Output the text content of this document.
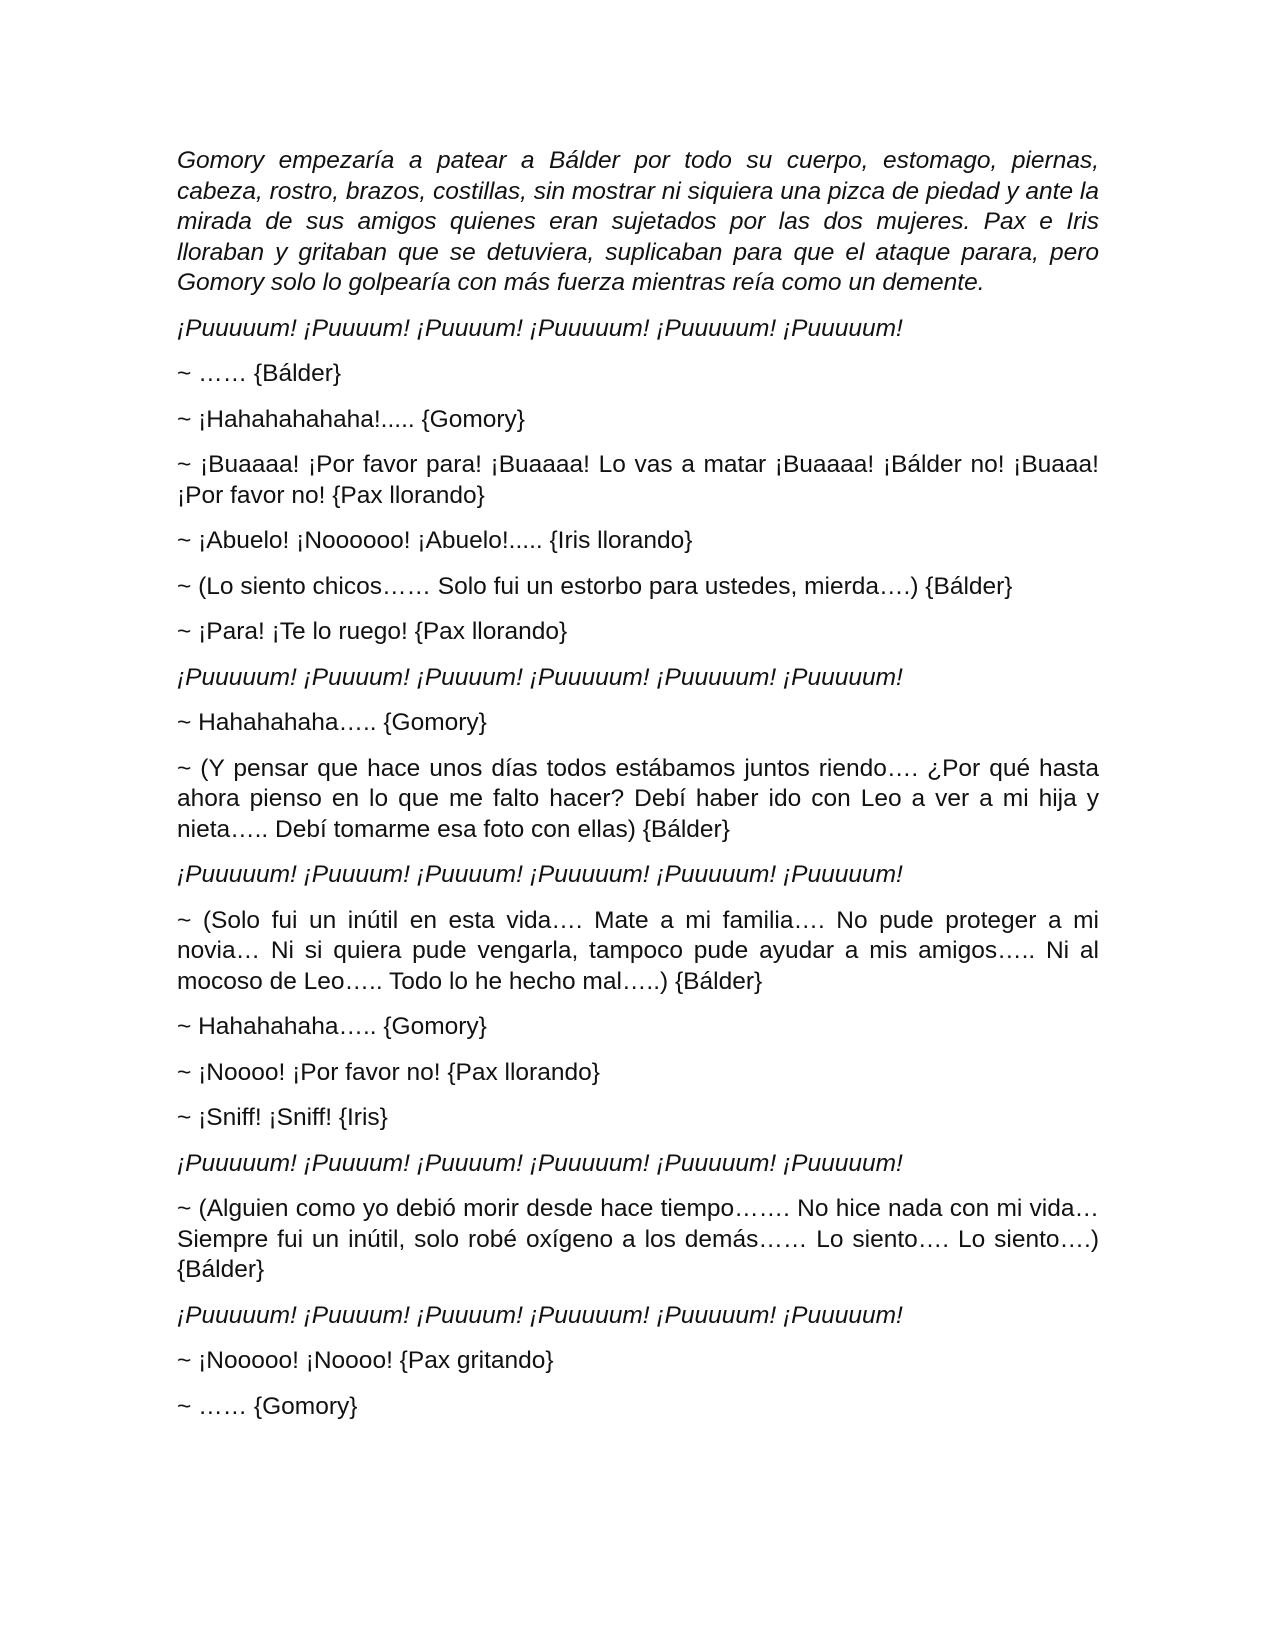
Gomory empezaría a patear a Bálder por todo su cuerpo, estomago, piernas, cabeza, rostro, brazos, costillas, sin mostrar ni siquiera una pizca de piedad y ante la mirada de sus amigos quienes eran sujetados por las dos mujeres. Pax e Iris lloraban y gritaban que se detuviera, suplicaban para que el ataque parara, pero Gomory solo lo golpearía con más fuerza mientras reía como un demente.

¡Puuuuum! ¡Puuuum! ¡Puuuum! ¡Puuuuum! ¡Puuuuum! ¡Puuuuum!

~ …… {Bálder}

~ ¡Hahahahahaha!..... {Gomory}

~ ¡Buaaaa! ¡Por favor para! ¡Buaaaa! Lo vas a matar ¡Buaaaa! ¡Bálder no! ¡Buaaa! ¡Por favor no! {Pax llorando}

~ ¡Abuelo! ¡Noooooo! ¡Abuelo!..... {Iris llorando}

~ (Lo siento chicos…… Solo fui un estorbo para ustedes, mierda….) {Bálder}

~ ¡Para! ¡Te lo ruego! {Pax llorando}

¡Puuuuum! ¡Puuuum! ¡Puuuum! ¡Puuuuum! ¡Puuuuum! ¡Puuuuum!

~ Hahahahaha….. {Gomory}

~ (Y pensar que hace unos días todos estábamos juntos riendo…. ¿Por qué hasta ahora pienso en lo que me falto hacer? Debí haber ido con Leo a ver a mi hija y nieta….. Debí tomarme esa foto con ellas) {Bálder}

¡Puuuuum! ¡Puuuum! ¡Puuuum! ¡Puuuuum! ¡Puuuuum! ¡Puuuuum!

~ (Solo fui un inútil en esta vida…. Mate a mi familia…. No pude proteger a mi novia… Ni si quiera pude vengarla, tampoco pude ayudar a mis amigos….. Ni al mocoso de Leo….. Todo lo he hecho mal…..) {Bálder}

~ Hahahahaha….. {Gomory}

~ ¡Noooo! ¡Por favor no! {Pax llorando}

~ ¡Sniff! ¡Sniff! {Iris}

¡Puuuuum! ¡Puuuum! ¡Puuuum! ¡Puuuuum! ¡Puuuuum! ¡Puuuuum!

~ (Alguien como yo debió morir desde hace tiempo……. No hice nada con mi vida… Siempre fui un inútil, solo robé oxígeno a los demás…… Lo siento…. Lo siento….) {Bálder}

¡Puuuuum! ¡Puuuum! ¡Puuuum! ¡Puuuuum! ¡Puuuuum! ¡Puuuuum!

~ ¡Nooooo! ¡Noooo! {Pax gritando}

~ …… {Gomory}
